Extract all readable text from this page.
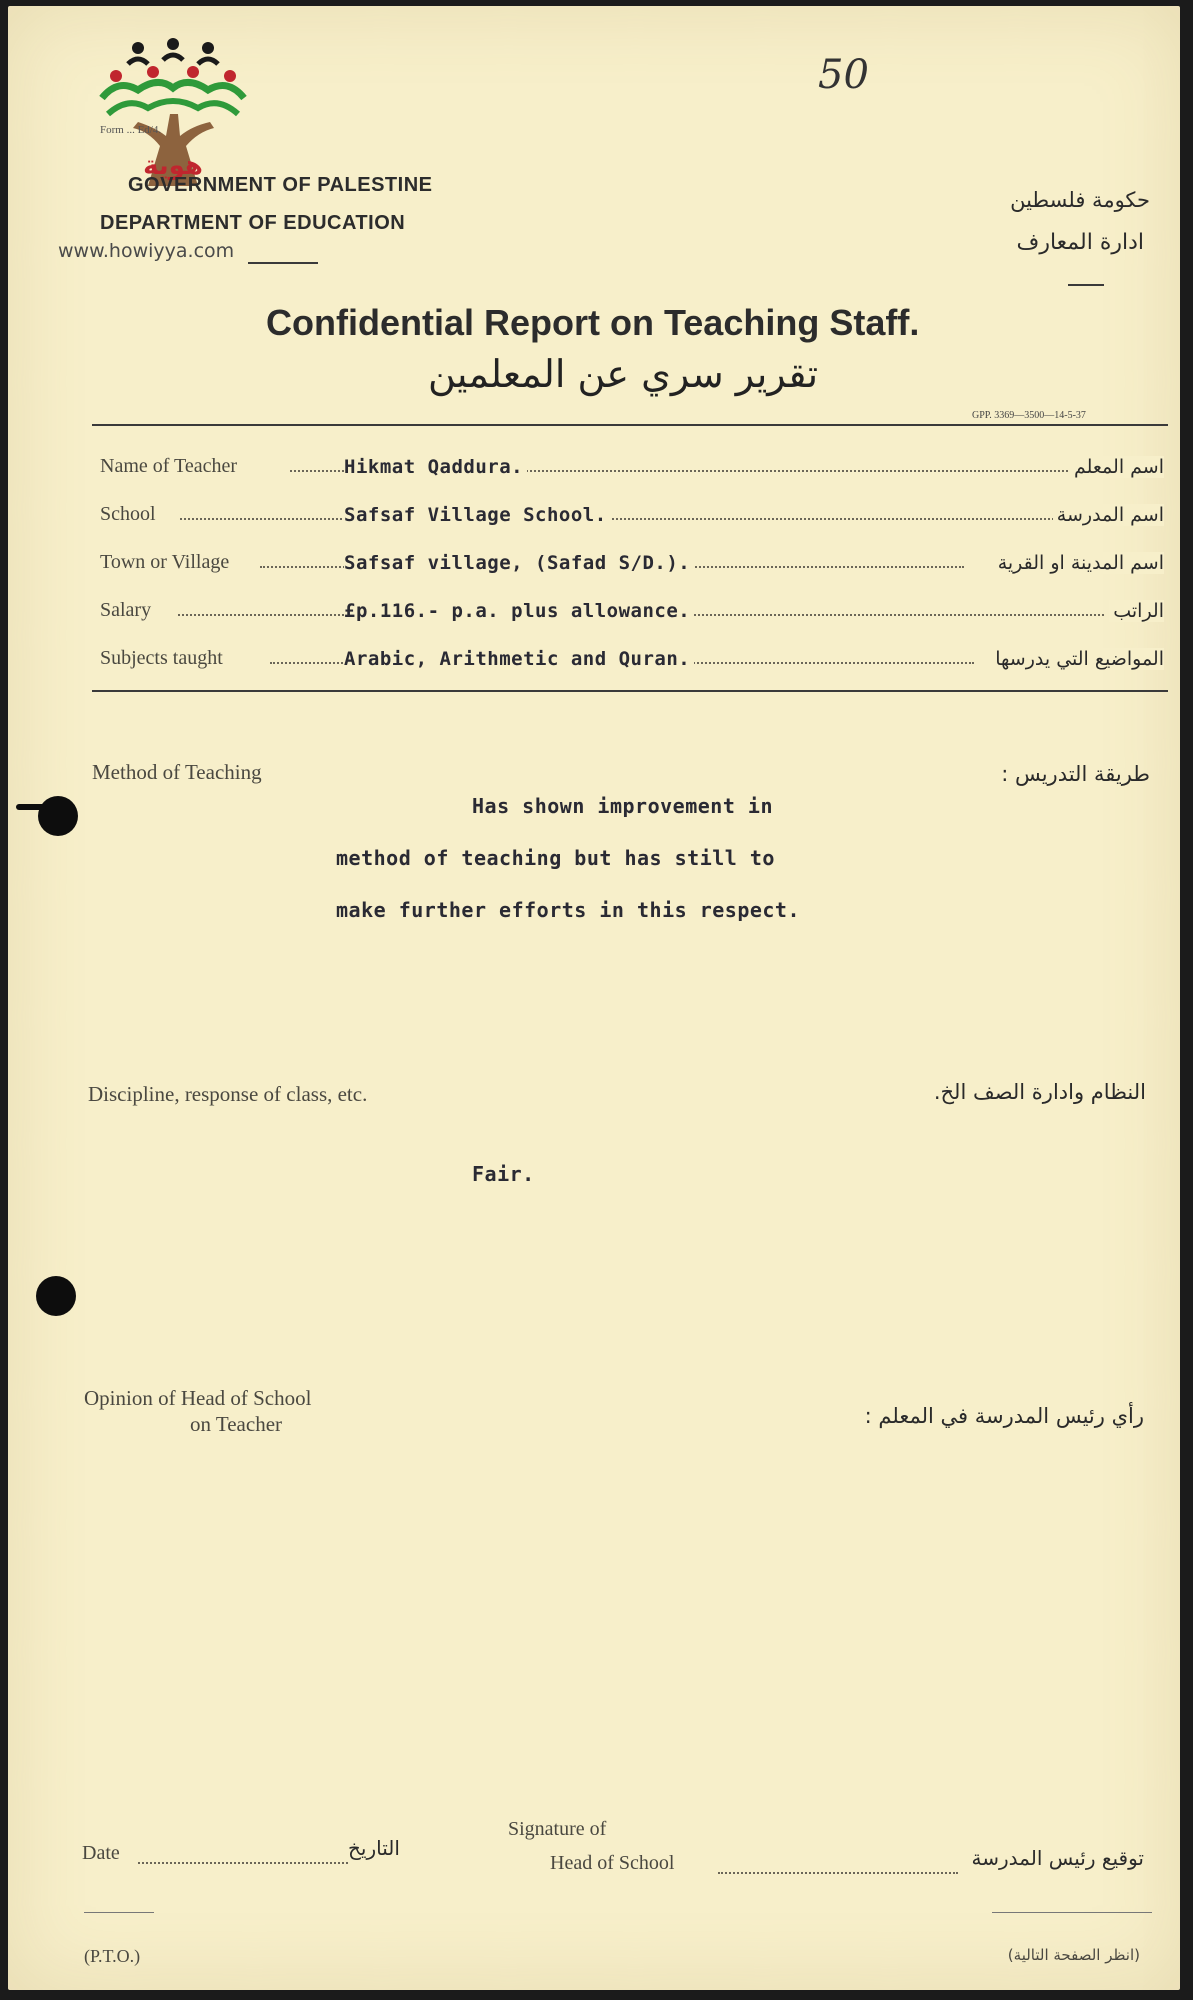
هوية
Form ... Ed/4.
GOVERNMENT OF PALESTINE
DEPARTMENT OF EDUCATION
www.howiyya.com
50
حكومة فلسطين
ادارة المعارف
Confidential Report on Teaching Staff.
تقرير سري عن المعلمين
GPP. 3369—3500—14-5-37
Name of Teacher	Hikmat Qaddura.	اسم المعلم
School	Safsaf Village School.	اسم المدرسة
Town or Village	Safsaf village, (Safad S/D.).	اسم المدينة او القرية
Salary	£p.116.- p.a. plus allowance.	الراتب
Subjects taught	Arabic, Arithmetic and Quran.	المواضيع التي يدرسها
Method of Teaching	طريقة التدريس :
Has shown improvement in
method of teaching but has still to
make further efforts in this respect.
Discipline, response of class, etc.	النظام وادارة الصف الخ.
Fair.
Opinion of Head of School
on Teacher	رأي رئيس المدرسة في المعلم :
Date	التاريخ
Signature of
Head of School	توقيع رئيس المدرسة
(P.T.O.)	(انظر الصفحة التالية)
